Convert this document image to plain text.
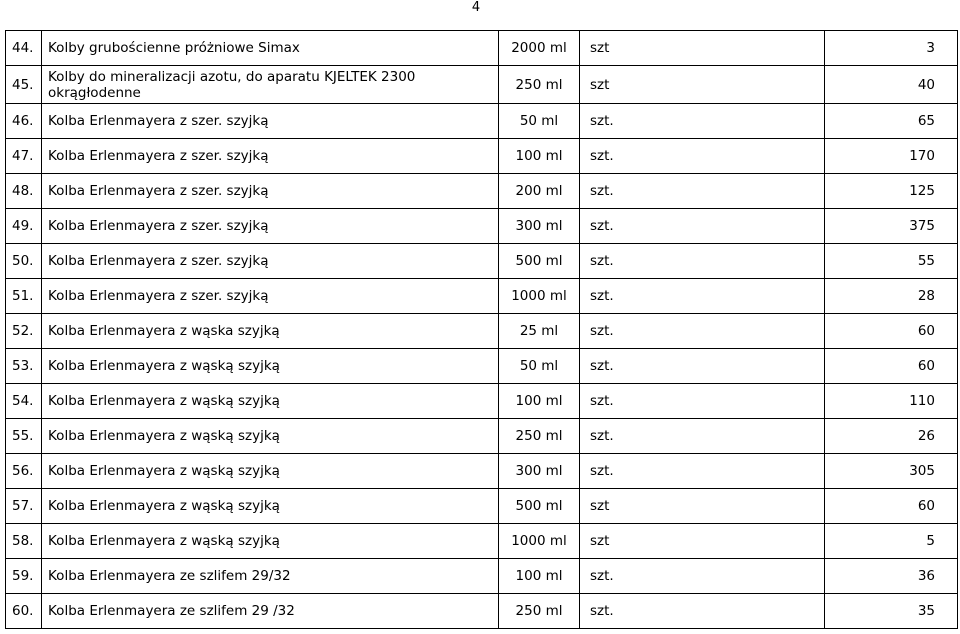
4
44.	Kolby grubościenne próżniowe Simax	2000 ml	szt	3
45.	Kolby do mineralizacji azotu, do aparatu KJELTEK 2300 okrągłodenne	250 ml	szt	40
46.	Kolba Erlenmayera z szer. szyjką	50 ml	szt.	65
47.	Kolba Erlenmayera z szer. szyjką	100 ml	szt.	170
48.	Kolba Erlenmayera z szer. szyjką	200 ml	szt.	125
49.	Kolba Erlenmayera z szer. szyjką	300 ml	szt.	375
50.	Kolba Erlenmayera z szer. szyjką	500 ml	szt.	55
51.	Kolba Erlenmayera z szer. szyjką	1000 ml	szt.	28
52.	Kolba Erlenmayera z wąska szyjką	25 ml	szt.	60
53.	Kolba Erlenmayera z wąską szyjką	50 ml	szt.	60
54.	Kolba Erlenmayera z wąską szyjką	100 ml	szt.	110
55.	Kolba Erlenmayera z wąską szyjką	250 ml	szt.	26
56.	Kolba Erlenmayera z wąską szyjką	300 ml	szt.	305
57.	Kolba Erlenmayera z wąską szyjką	500 ml	szt	60
58.	Kolba Erlenmayera z wąską szyjką	1000 ml	szt	5
59.	Kolba Erlenmayera ze szlifem 29/32	100 ml	szt.	36
60.	Kolba Erlenmayera ze szlifem 29 /32	250 ml	szt.	35
